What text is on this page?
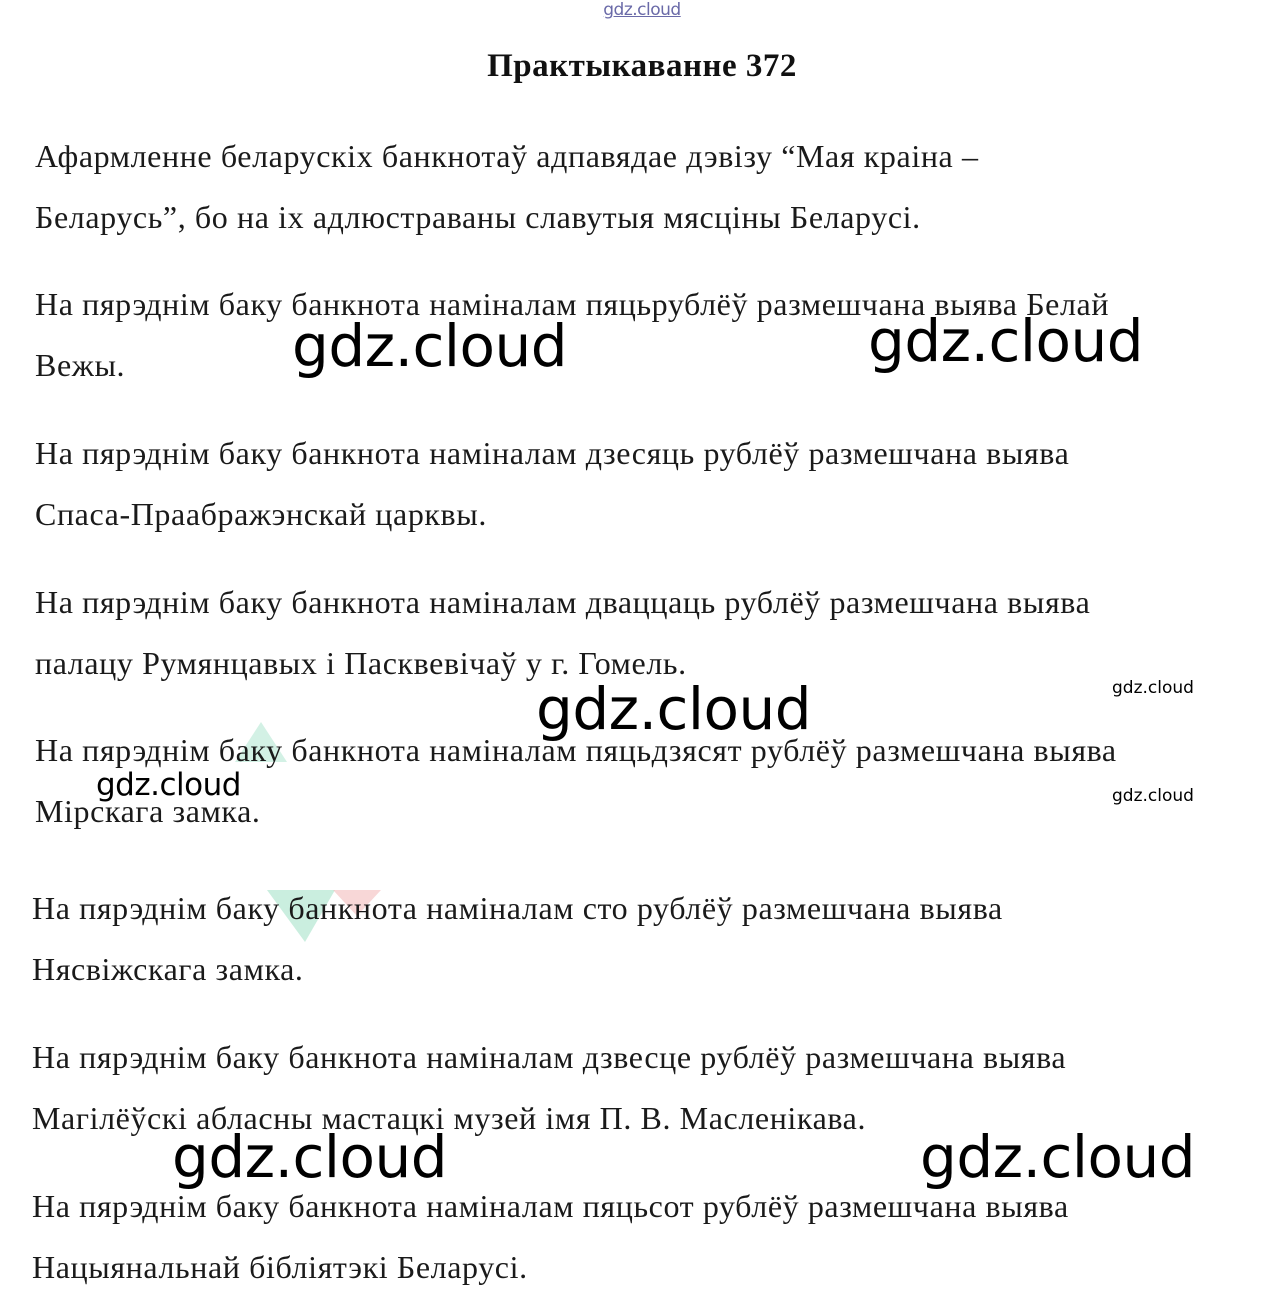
gdz.cloud
Практыкаванне 372
Афармленне беларускіх банкнотаў адпавядае дэвізу “Мая краіна –
Беларусь”, бо на іх адлюстраваны славутыя мясціны Беларусі.
На пярэднім баку банкнота наміналам пяцьрублёў размешчана выява Белай
Вежы.
На пярэднім баку банкнота наміналам дзесяць рублёў размешчана выява
Спаса-Праабражэнскай царквы.
На пярэднім баку банкнота наміналам дваццаць рублёў размешчана выява
палацу Румянцавых і Пасквевічаў у г. Гомель.
На пярэднім баку банкнота наміналам пяцьдзясят рублёў размешчана выява
Мірскага замка.
На пярэднім баку банкнота наміналам сто рублёў размешчана выява
Нясвіжскага замка.
На пярэднім баку банкнота наміналам дзвесце рублёў размешчана выява
Магілёўскі абласны мастацкі музей імя П. В. Масленікава.
На пярэднім баку банкнота наміналам пяцьсот рублёў размешчана выява
Нацыянальнай бібліятэкі Беларусі.
gdz.cloud	gdz.cloud
gdz.cloud	gdz.cloud
gdz.cloud	gdz.cloud
gdz.cloud	gdz.cloud
